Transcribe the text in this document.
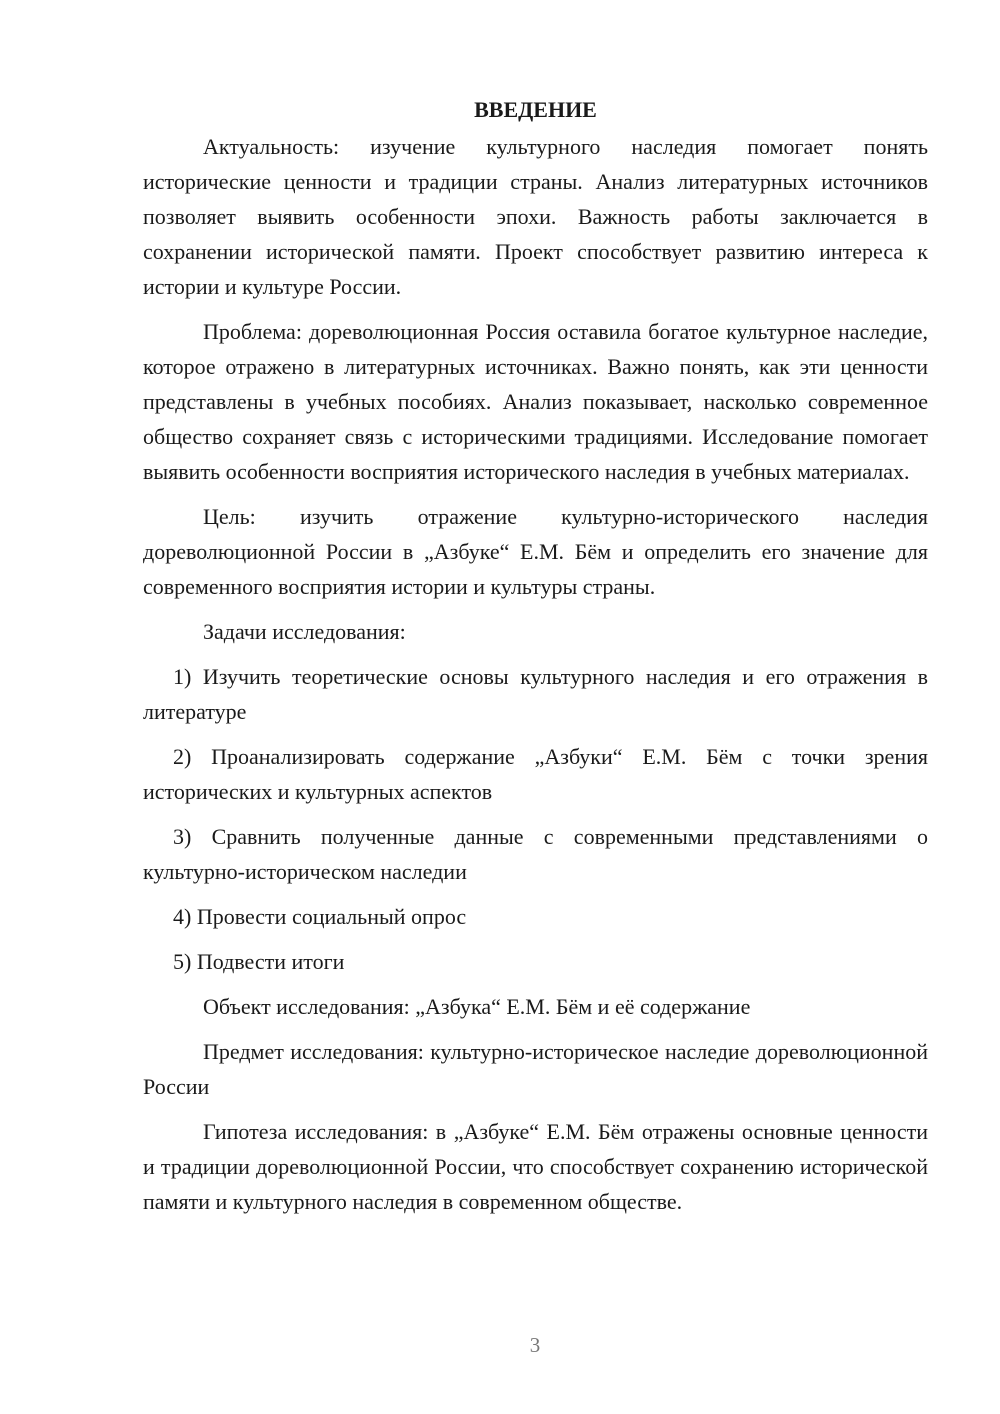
ВВЕДЕНИЕ

Актуальность: изучение культурного наследия помогает понять исторические ценности и традиции страны. Анализ литературных источников позволяет выявить особенности эпохи. Важность работы заключается в сохранении исторической памяти. Проект способствует развитию интереса к истории и культуре России.

Проблема: дореволюционная Россия оставила богатое культурное наследие, которое отражено в литературных источниках. Важно понять, как эти ценности представлены в учебных пособиях. Анализ показывает, насколько современное общество сохраняет связь с историческими традициями. Исследование помогает выявить особенности восприятия исторического наследия в учебных материалах.

Цель: изучить отражение культурно-исторического наследия дореволюционной России в „Азбуке“ Е.М. Бём и определить его значение для современного восприятия истории и культуры страны.

Задачи исследования:

1) Изучить теоретические основы культурного наследия и его отражения в литературе

2) Проанализировать содержание „Азбуки“ Е.М. Бём с точки зрения исторических и культурных аспектов

3) Сравнить полученные данные с современными представлениями о культурно-историческом наследии

4) Провести социальный опрос

5) Подвести итоги

Объект исследования: „Азбука“ Е.М. Бём и её содержание

Предмет исследования: культурно-историческое наследие дореволюционной России

Гипотеза исследования: в „Азбуке“ Е.М. Бём отражены основные ценности и традиции дореволюционной России, что способствует сохранению исторической памяти и культурного наследия в современном обществе.

3
